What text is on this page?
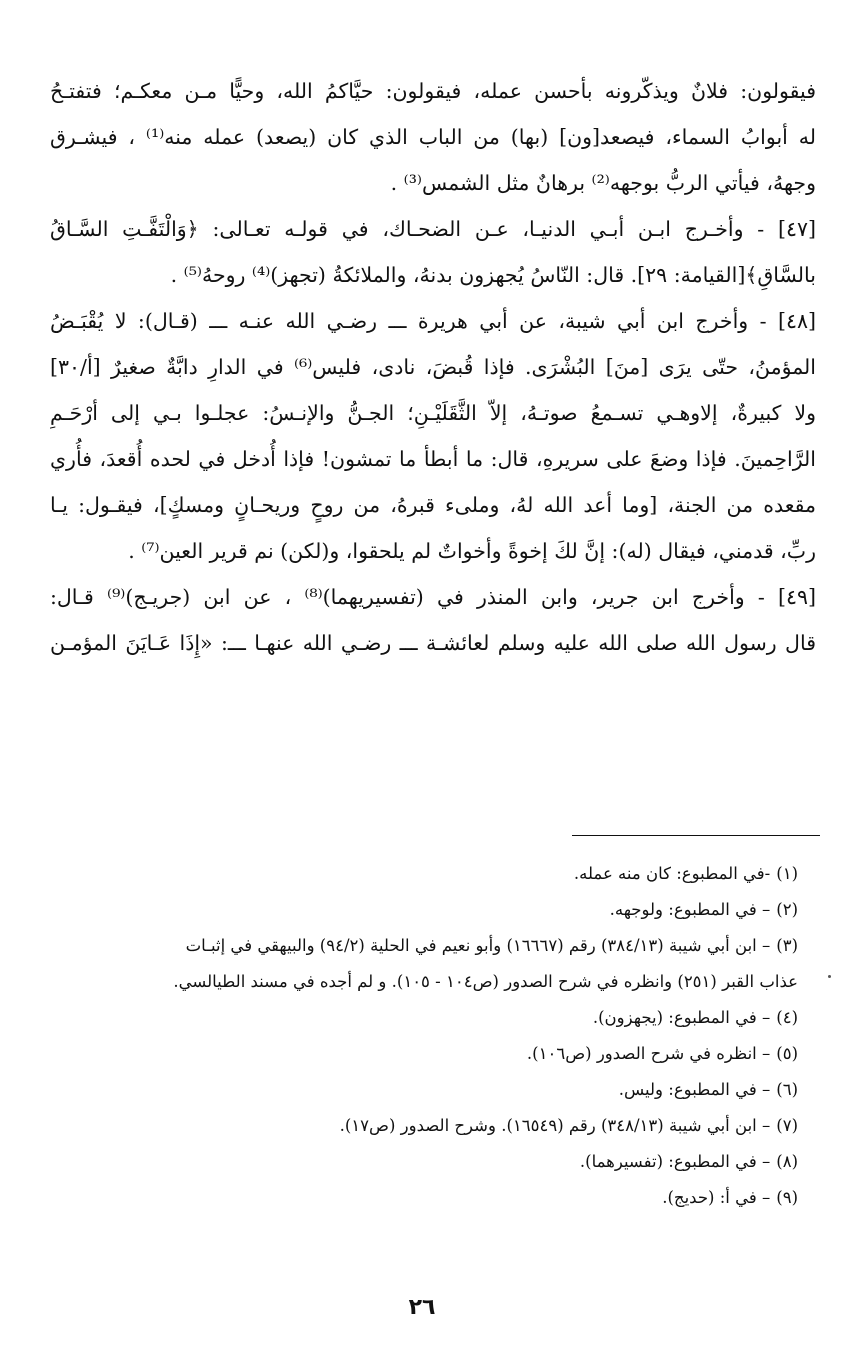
فيقولون: فلانٌ ويذكّرونه بأحسن عمله، فيقولون: حيَّاكمُ الله، وحيًّا مـن معكـم؛ فتفتـحُ
له أبوابُ السماء، فيصعد[ون] (بها) من الباب الذي كان (يصعد) عمله منه⁽¹⁾ ، فيشـرق
وجههُ، فيأتي الربُّ بوجهه⁽²⁾ برهانٌ مثل الشمس⁽³⁾ .
[٤٧] - وأخـرج ابـن أبـي الدنيـا، عـن الضحـاك، في قولـه تعـالى: ﴿وَالْتَفَّـتِ السَّـاقُ
بالسَّاقِ﴾[القيامة: ٢٩]. قال: النّاسُ يُجهزون بدنهُ، والملائكةُ (تجهز)⁽⁴⁾ روحهُ⁽⁵⁾ .
[٤٨] - وأخرج ابن أبي شيبة، عن أبي هريرة ـــ رضـي الله عنـه ـــ (قـال): لا يُقْبَـضُ
المؤمنُ، حتّى يرَى [منَ] البُشْرَى. فإذا قُبضَ، نادى، فليس⁽⁶⁾ في الدارِ دابَّةٌ صغيرٌ [أ/٣٠]
ولا كبيرةٌ، إلاوهـي تسـمعُ صوتـهُ، إلاّ الثَّقَلَيْـنِ؛ الجـنُّ والإنـسُ: عجلـوا بـي إلى أرْحَـمِ
الرَّاحِمينَ. فإذا وضعَ على سريرهِ، قال: ما أبطأ ما تمشون! فإذا أُدخل في لحده أُقعدَ، فأُري
مقعده من الجنة، [وما أعد الله لهُ، وملىء قبرهُ، من روحٍ وريحـانٍ ومسكٍ]، فيقـول: يـا
ربِّ، قدمني، فيقال (له): إنَّ لكَ إخوةً وأخواتٌ لم يلحقوا، و(لكن) نم قرير العين⁽⁷⁾ .
[٤٩] - وأخرج ابن جرير، وابن المنذر في (تفسيريهما)⁽⁸⁾ ، عن ابن (جريـج)⁽⁹⁾ قـال:
قال رسول الله صلى الله عليه وسلم لعائشـة ـــ رضـي الله عنهـا ـــ: «إِذَا عَـايَنَ المؤمـن
(١)-في المطبوع: كان منه عمله.
(٢)– في المطبوع: ولوجهه.
(٣)– ابن أبي شيبة (٣٨٤/١٣) رقم (١٦٦٦٧) وأبو نعيم في الحلية (٩٤/٢) والبيهقي في إثبـات
عذاب القبر (٢٥١) وانظره في شرح الصدور (ص١٠٤ - ١٠٥). و لم أجده في مسند الطيالسي.
(٤)– في المطبوع: (يجهزون).
(٥)– انظره في شرح الصدور (ص١٠٦).
(٦)– في المطبوع: وليس.
(٧)– ابن أبي شيبة (٣٤٨/١٣) رقم (١٦٥٤٩). وشرح الصدور (ص١٧).
(٨)– في المطبوع: (تفسيرهما).
(٩)– في أ: (حديج).
٢٦
